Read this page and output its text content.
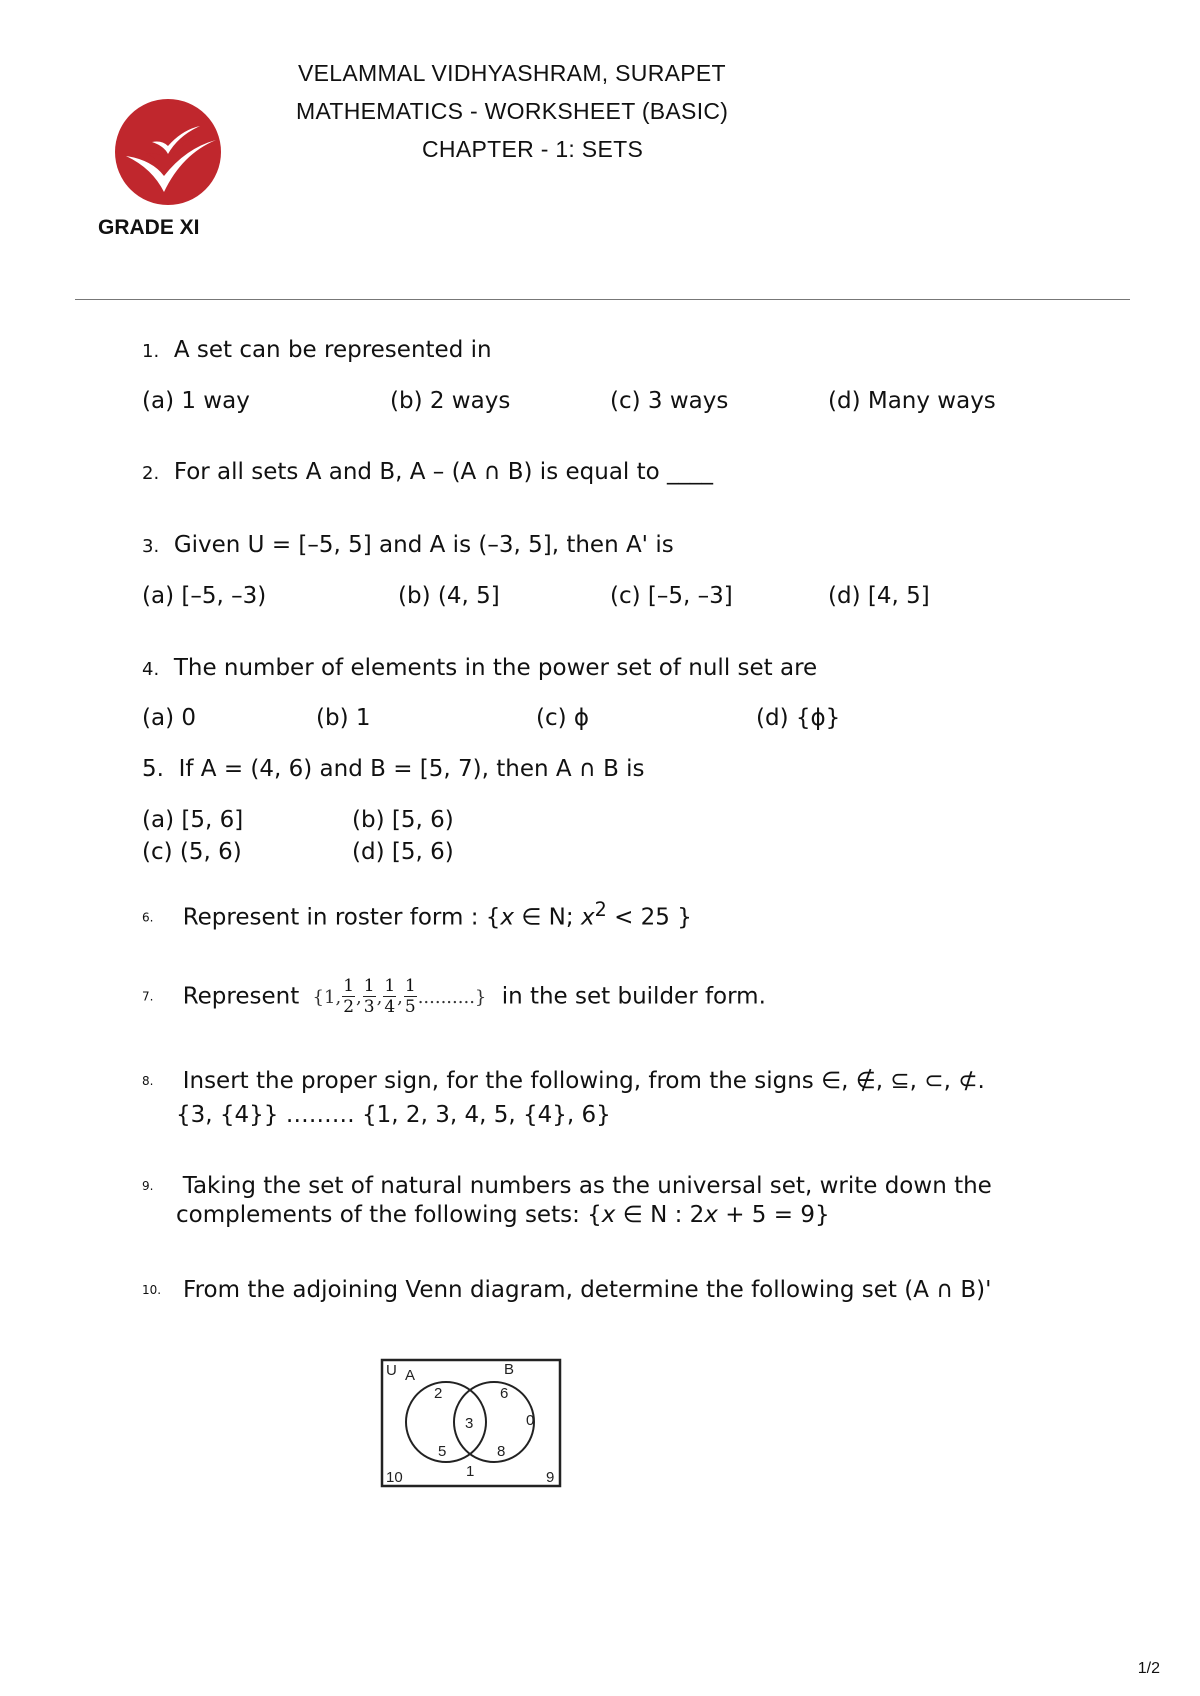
VELAMMAL VIDHYASHRAM, SURAPET
MATHEMATICS - WORKSHEET (BASIC)
CHAPTER - 1: SETS
GRADE XI
1. A set can be represented in
(a) 1 way	(b) 2 ways	(c) 3 ways	(d) Many ways
2. For all sets A and B, A – (A ∩ B) is equal to ____
3. Given U = [–5, 5] and A is (–3, 5], then A' is
(a) [–5, –3)	(b) (4, 5]	(c) [–5, –3]	(d) [4, 5]
4. The number of elements in the power set of null set are
(a) 0	(b) 1	(c) ϕ	(d) {ϕ}
5. If A = (4, 6) and B = [5, 7), then A ∩ B is
(a) [5, 6]	(b) [5, 6)
(c) (5, 6)	(d) [5, 6)
6. Represent in roster form : {x ∈ N; $x^2 < 25$ }
7. Represent {1, $\frac{1}{2}$ , $\frac{1}{3}$ , $\frac{1}{4}$ , $\frac{1}{5}$ ..........} in the set builder form.
8. Insert the proper sign, for the following, from the signs ∈, ∉, ⊆, ⊂, ⊄.
{3, {4}} ……… {1, 2, 3, 4, 5, {4}, 6}
9. Taking the set of natural numbers as the universal set, write down the
complements of the following sets: {x ∈ N : 2x + 5 = 9}
10. From the adjoining Venn diagram, determine the following set (A ∩ B)'
U A	B
2	6
3	0
5	8
10	1	9
1/2
